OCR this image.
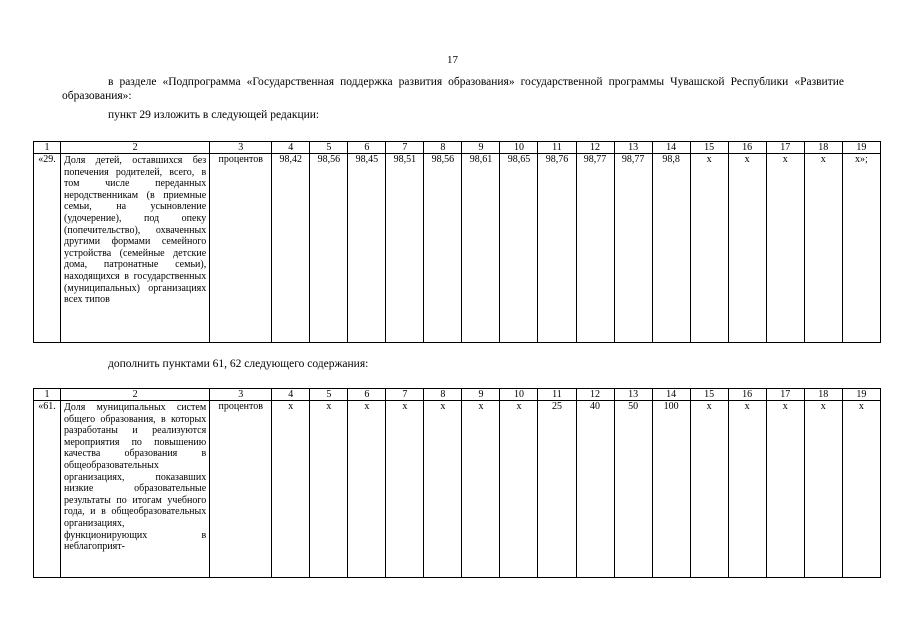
17
в разделе «Подпрограмма «Государственная поддержка развития образования» государственной программы Чувашской Республики «Развитие образования»:
пункт 29 изложить в следующей редакции:
1	2	3	4	5	6	7	8	9	10	11	12	13	14	15	16	17	18	19
«29.	Доля детей, оставшихся без попечения родителей, всего, в том числе переданных неродственникам (в приемные семьи, на усыновление (удочерение), под опеку (попечительство), охваченных другими формами семейного устройства (семейные детские дома, патронатные семьи), находящихся в государственных (муниципальных) организациях всех типов	процентов	98,42	98,56	98,45	98,51	98,56	98,61	98,65	98,76	98,77	98,77	98,8	х	х	х	х	х»;
дополнить пунктами 61, 62 следующего содержания:
1	2	3	4	5	6	7	8	9	10	11	12	13	14	15	16	17	18	19
«61.	Доля муниципальных систем общего образования, в которых разработаны и реализуются мероприятия по повышению качества образования в общеобразовательных организациях, показавших низкие образовательные результаты по итогам учебного года, и в общеобразовательных организациях, функционирующих в неблагоприят-	процентов	х	х	х	х	х	х	х	25	40	50	100	х	х	х	х	х
